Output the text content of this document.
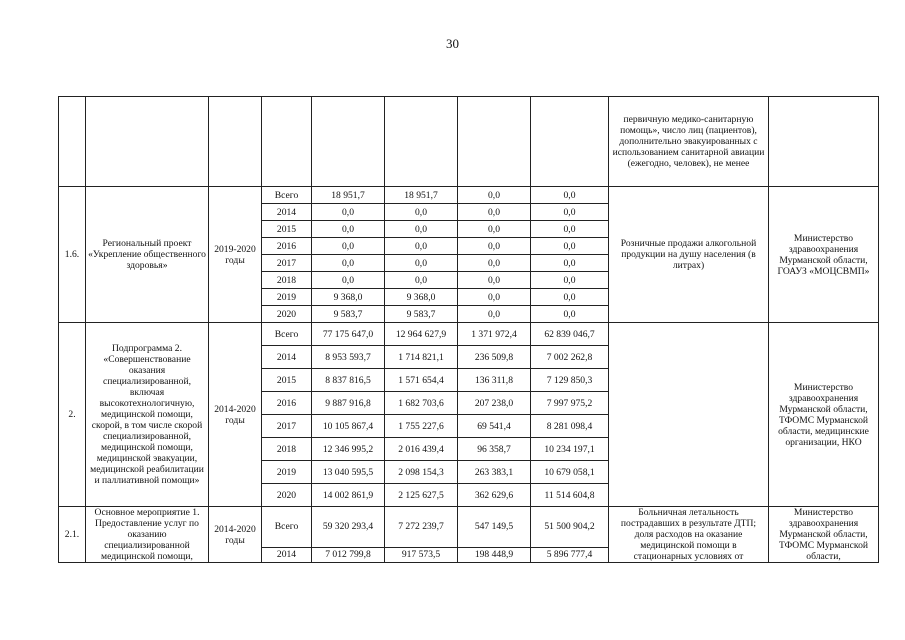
30
								первичную медико-санитарную помощь», число лиц (пациентов), дополнительно эвакуированных с использованием санитарной авиации (ежегодно, человек), не менее	
1.6.	Региональный проект «Укрепление общественного здоровья»	2019-2020 годы	Всего	18 951,7	18 951,7	0,0	0,0	Розничные продажи алкогольной продукции на душу населения (в литрах)	Министерство здравоохранения Мурманской области, ГОАУЗ «МОЦСВМП»
			2014	0,0	0,0	0,0	0,0		
			2015	0,0	0,0	0,0	0,0		
			2016	0,0	0,0	0,0	0,0		
			2017	0,0	0,0	0,0	0,0		
			2018	0,0	0,0	0,0	0,0		
			2019	9 368,0	9 368,0	0,0	0,0		
			2020	9 583,7	9 583,7	0,0	0,0		
2.	Подпрограмма 2. «Совершенствование оказания специализированной, включая высокотехнологичную, медицинской помощи, скорой, в том числе скорой специализированной, медицинской помощи, медицинской эвакуации, медицинской реабилитации и паллиативной помощи»	2014-2020 годы	Всего	77 175 647,0	12 964 627,9	1 371 972,4	62 839 046,7		Министерство здравоохранения Мурманской области, ТФОМС Мурманской области, медицинские организации, НКО
			2014	8 953 593,7	1 714 821,1	236 509,8	7 002 262,8		
			2015	8 837 816,5	1 571 654,4	136 311,8	7 129 850,3		
			2016	9 887 916,8	1 682 703,6	207 238,0	7 997 975,2		
			2017	10 105 867,4	1 755 227,6	69 541,4	8 281 098,4		
			2018	12 346 995,2	2 016 439,4	96 358,7	10 234 197,1		
			2019	13 040 595,5	2 098 154,3	263 383,1	10 679 058,1		
			2020	14 002 861,9	2 125 627,5	362 629,6	11 514 604,8		
2.1.	Основное мероприятие 1. Предоставление услуг по оказанию специализированной медицинской помощи,	2014-2020 годы	Всего	59 320 293,4	7 272 239,7	547 149,5	51 500 904,2	Больничная летальность пострадавших в результате ДТП; доля расходов на оказание медицинской помощи в стационарных условиях от	Министерство здравоохранения Мурманской области, ТФОМС Мурманской области,
			2014	7 012 799,8	917 573,5	198 448,9	5 896 777,4		
